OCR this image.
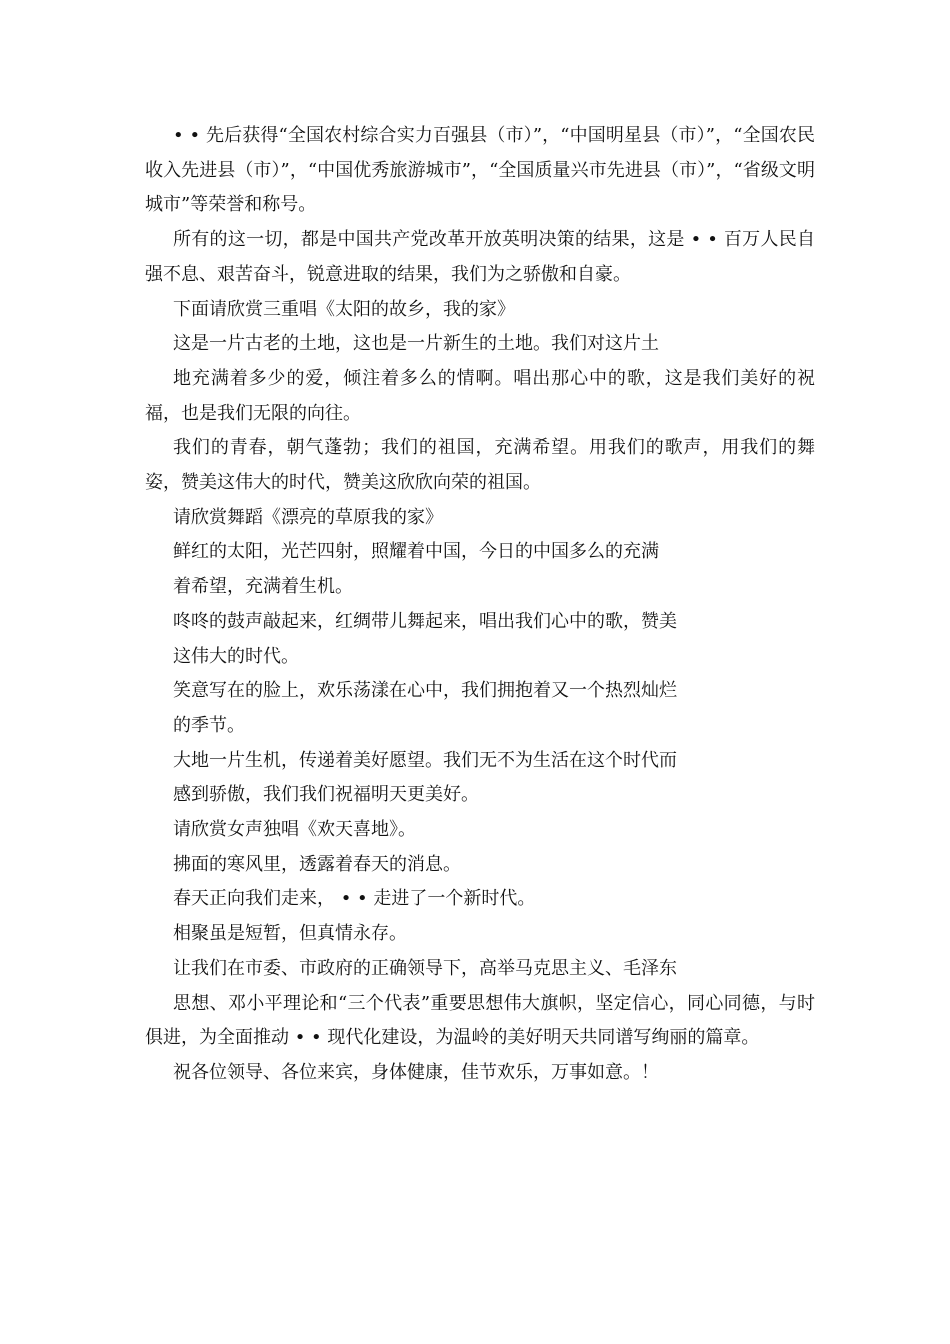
• • 先后获得“全国农村综合实力百强县（市）”，“中国明星县（市）”，“全国农民收入先进县（市）”，“中国优秀旅游城市”，“全国质量兴市先进县（市）”，“省级文明城市”等荣誉和称号。

所有的这一切，都是中国共产党改革开放英明决策的结果，这是 • • 百万人民自强不息、艰苦奋斗，锐意进取的结果，我们为之骄傲和自豪。

下面请欣赏三重唱《太阳的故乡，我的家》

这是一片古老的土地，这也是一片新生的土地。我们对这片土

地充满着多少的爱，倾注着多么的情啊。唱出那心中的歌，这是我们美好的祝福，也是我们无限的向往。

我们的青春，朝气蓬勃；我们的祖国，充满希望。用我们的歌声，用我们的舞姿，赞美这伟大的时代，赞美这欣欣向荣的祖国。

请欣赏舞蹈《漂亮的草原我的家》

鲜红的太阳，光芒四射，照耀着中国，今日的中国多么的充满

着希望，充满着生机。

咚咚的鼓声敲起来，红绸带儿舞起来，唱出我们心中的歌，赞美

这伟大的时代。

笑意写在的脸上，欢乐荡漾在心中，我们拥抱着又一个热烈灿烂

的季节。

大地一片生机，传递着美好愿望。我们无不为生活在这个时代而

感到骄傲，我们我们祝福明天更美好。

请欣赏女声独唱《欢天喜地》。

拂面的寒风里，透露着春天的消息。

春天正向我们走来， • • 走进了一个新时代。

相聚虽是短暂，但真情永存。

让我们在市委、市政府的正确领导下，高举马克思主义、毛泽东

思想、邓小平理论和“三个代表”重要思想伟大旗帜，坚定信心，同心同德，与时俱进，为全面推动 • • 现代化建设，为温岭的美好明天共同谱写绚丽的篇章。

祝各位领导、各位来宾，身体健康，佳节欢乐，万事如意。！
